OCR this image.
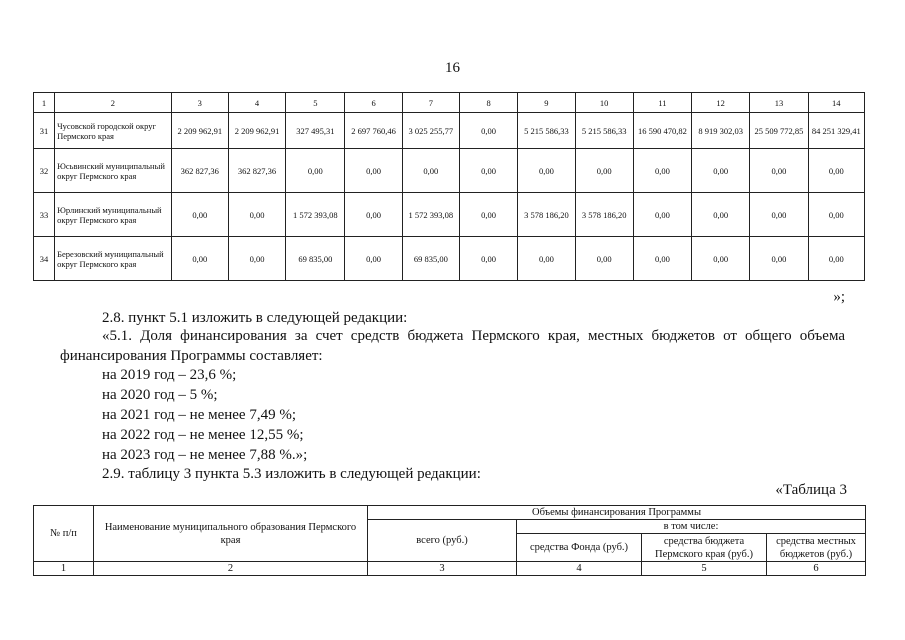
16
1	2	3	4	5	6	7	8	9	10	11	12	13	14
31	Чусовской городской округ Пермского края	2 209 962,91	2 209 962,91	327 495,31	2 697 760,46	3 025 255,77	0,00	5 215 586,33	5 215 586,33	16 590 470,82	8 919 302,03	25 509 772,85	84 251 329,41
32	Юсьвинский муниципальный округ Пермского края	362 827,36	362 827,36	0,00	0,00	0,00	0,00	0,00	0,00	0,00	0,00	0,00	0,00
33	Юрлинский муниципальный округ Пермского края	0,00	0,00	1 572 393,08	0,00	1 572 393,08	0,00	3 578 186,20	3 578 186,20	0,00	0,00	0,00	0,00
34	Березовский муниципальный округ Пермского края	0,00	0,00	69 835,00	0,00	69 835,00	0,00	0,00	0,00	0,00	0,00	0,00	0,00
»;
2.8. пункт 5.1 изложить в следующей редакции:
«5.1. Доля финансирования за счет средств бюджета Пермского края, местных бюджетов от общего объема
финансирования Программы составляет:
на 2019 год – 23,6 %;
на 2020 год – 5 %;
на 2021 год – не менее 7,49 %;
на 2022 год – не менее 12,55 %;
на 2023 год – не менее 7,88 %.»;
2.9. таблицу 3 пункта 5.3 изложить в следующей редакции:
«Таблица 3
№ п/п	Наименование муниципального образования Пермского края	Объемы финансирования Программы			
		всего (руб.)	в том числе:		
			средства Фонда (руб.)	средства бюджета Пермского края (руб.)	средства местных бюджетов (руб.)
1	2	3	4	5	6
